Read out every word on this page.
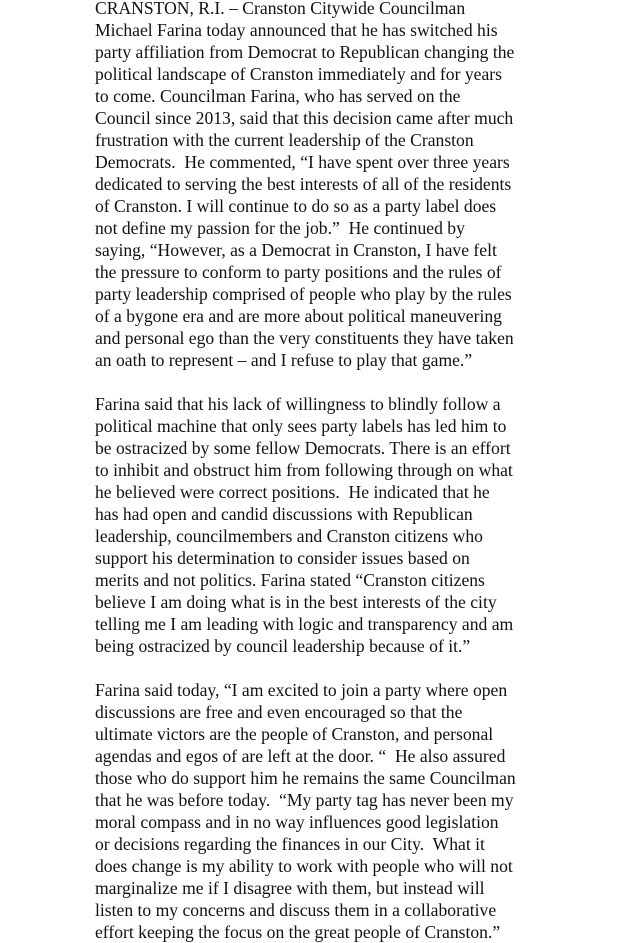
CRANSTON, R.I. – Cranston Citywide Councilman
Michael Farina today announced that he has switched his
party affiliation from Democrat to Republican changing the
political landscape of Cranston immediately and for years
to come. Councilman Farina, who has served on the
Council since 2013, said that this decision came after much
frustration with the current leadership of the Cranston
Democrats.  He commented, “I have spent over three years
dedicated to serving the best interests of all of the residents
of Cranston. I will continue to do so as a party label does
not define my passion for the job.”  He continued by
saying, “However, as a Democrat in Cranston, I have felt
the pressure to conform to party positions and the rules of
party leadership comprised of people who play by the rules
of a bygone era and are more about political maneuvering
and personal ego than the very constituents they have taken
an oath to represent – and I refuse to play that game.”

Farina said that his lack of willingness to blindly follow a
political machine that only sees party labels has led him to
be ostracized by some fellow Democrats. There is an effort
to inhibit and obstruct him from following through on what
he believed were correct positions.  He indicated that he
has had open and candid discussions with Republican
leadership, councilmembers and Cranston citizens who
support his determination to consider issues based on
merits and not politics. Farina stated “Cranston citizens
believe I am doing what is in the best interests of the city
telling me I am leading with logic and transparency and am
being ostracized by council leadership because of it.”

Farina said today, “I am excited to join a party where open
discussions are free and even encouraged so that the
ultimate victors are the people of Cranston, and personal
agendas and egos of are left at the door. “  He also assured
those who do support him he remains the same Councilman
that he was before today.  “My party tag has never been my
moral compass and in no way influences good legislation
or decisions regarding the finances in our City.  What it
does change is my ability to work with people who will not
marginalize me if I disagree with them, but instead will
listen to my concerns and discuss them in a collaborative
effort keeping the focus on the great people of Cranston.”
